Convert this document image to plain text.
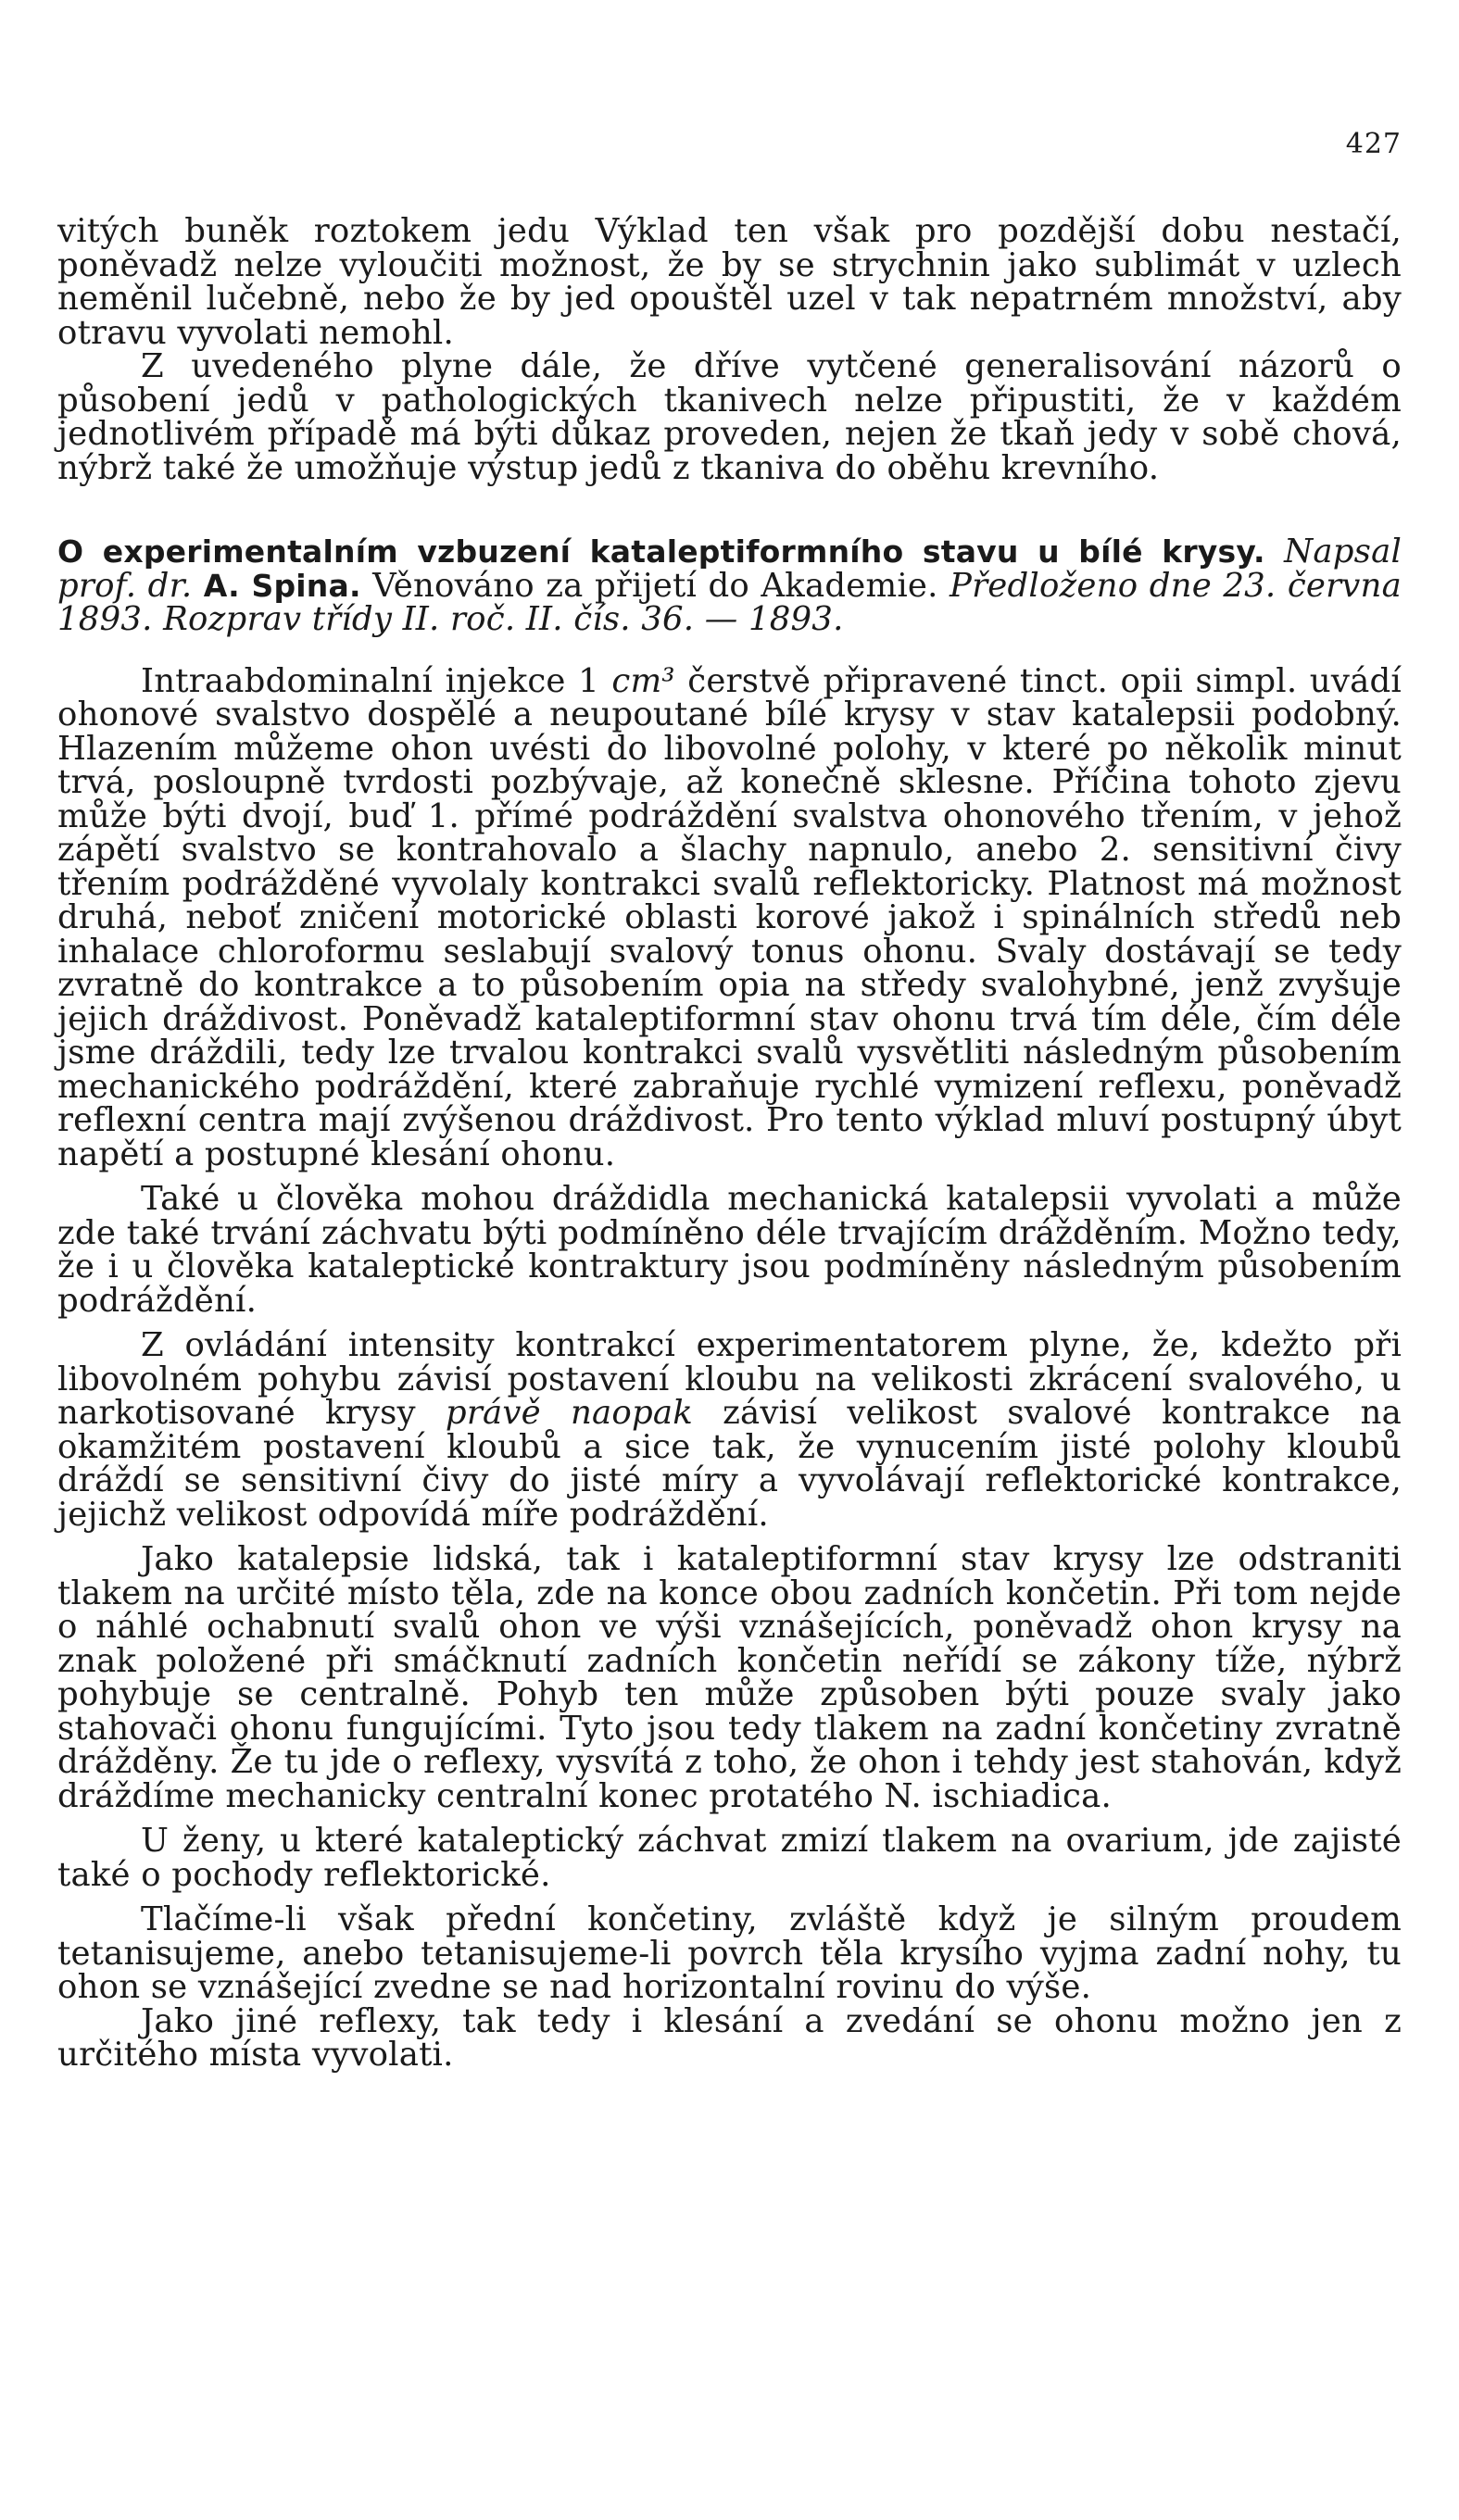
427

vitých buněk roztokem jedu Výklad ten však pro pozdější dobu nestačí, poněvadž nelze vyloučiti možnost, že by se strychnin jako sublimát v uzlech neměnil lučebně, nebo že by jed opouštěl uzel v tak nepatrném množství, aby otravu vyvolati nemohl.

Z uvedeného plyne dále, že dříve vytčené generalisování názorů o působení jedů v pathologických tkanivech nelze připustiti, že v každém jednotlivém případě má býti důkaz proveden, nejen že tkaň jedy v sobě chová, nýbrž také že umožňuje výstup jedů z tkaniva do oběhu krevního.

O experimentalním vzbuzení kataleptiformního stavu u bílé krysy. Napsal prof. dr. A. Spina. Věnováno za přijetí do Akademie. Předloženo dne 23. června 1893. Rozprav třídy II. roč. II. čís. 36. — 1893.

Intraabdominalní injekce 1 cm³ čerstvě připravené tinct. opii simpl. uvádí ohonové svalstvo dospělé a neupoutané bílé krysy v stav katalepsii podobný. Hlazením můžeme ohon uvésti do libovolné polohy, v které po několik minut trvá, posloupně tvrdosti pozbývaje, až konečně sklesne. Příčina tohoto zjevu může býti dvojí, buď 1. přímé podráždění svalstva ohonového třením, v jehož zápětí svalstvo se kontrahovalo a šlachy napnulo, anebo 2. sensitivní čivy třením podrážděné vyvolaly kontrakci svalů reflektoricky. Platnost má možnost druhá, neboť zničení motorické oblasti korové jakož i spinálních středů neb inhalace chloroformu seslabují svalový tonus ohonu. Svaly dostávají se tedy zvratně do kontrakce a to působením opia na středy svalohybné, jenž zvyšuje jejich dráždivost. Poněvadž kataleptiformní stav ohonu trvá tím déle, čím déle jsme dráždili, tedy lze trvalou kontrakci svalů vysvětliti následným působením mechanického podráždění, které zabraňuje rychlé vymizení reflexu, poněvadž reflexní centra mají zvýšenou dráždivost. Pro tento výklad mluví postupný úbyt napětí a postupné klesání ohonu.

Také u člověka mohou dráždidla mechanická katalepsii vyvolati a může zde také trvání záchvatu býti podmíněno déle trvajícím drážděním. Možno tedy, že i u člověka kataleptické kontraktury jsou podmíněny následným působením podráždění.

Z ovládání intensity kontrakcí experimentatorem plyne, že, kdežto při libovolném pohybu závisí postavení kloubu na velikosti zkrácení svalového, u narkotisované krysy právě naopak závisí velikost svalové kontrakce na okamžitém postavení kloubů a sice tak, že vynucením jisté polohy kloubů dráždí se sensitivní čivy do jisté míry a vyvolávají reflektorické kontrakce, jejichž velikost odpovídá míře podráždění.

Jako katalepsie lidská, tak i kataleptiformní stav krysy lze odstraniti tlakem na určité místo těla, zde na konce obou zadních končetin. Při tom nejde o náhlé ochabnutí svalů ohon ve výši vznášejících, poněvadž ohon krysy na znak položené při smáčknutí zadních končetin neřídí se zákony tíže, nýbrž pohybuje se centralně. Pohyb ten může způsoben býti pouze svaly jako stahovači ohonu fungujícími. Tyto jsou tedy tlakem na zadní končetiny zvratně drážděny. Že tu jde o reflexy, vysvítá z toho, že ohon i tehdy jest stahován, když dráždíme mechanicky centralní konec protatého N. ischiadica.

U ženy, u které kataleptický záchvat zmizí tlakem na ovarium, jde zajisté také o pochody reflektorické.

Tlačíme-li však přední končetiny, zvláště když je silným proudem tetanisujeme, anebo tetanisujeme-li povrch těla krysího vyjma zadní nohy, tu ohon se vznášející zvedne se nad horizontalní rovinu do výše.

Jako jiné reflexy, tak tedy i klesání a zvedání se ohonu možno jen z určitého místa vyvolati.
